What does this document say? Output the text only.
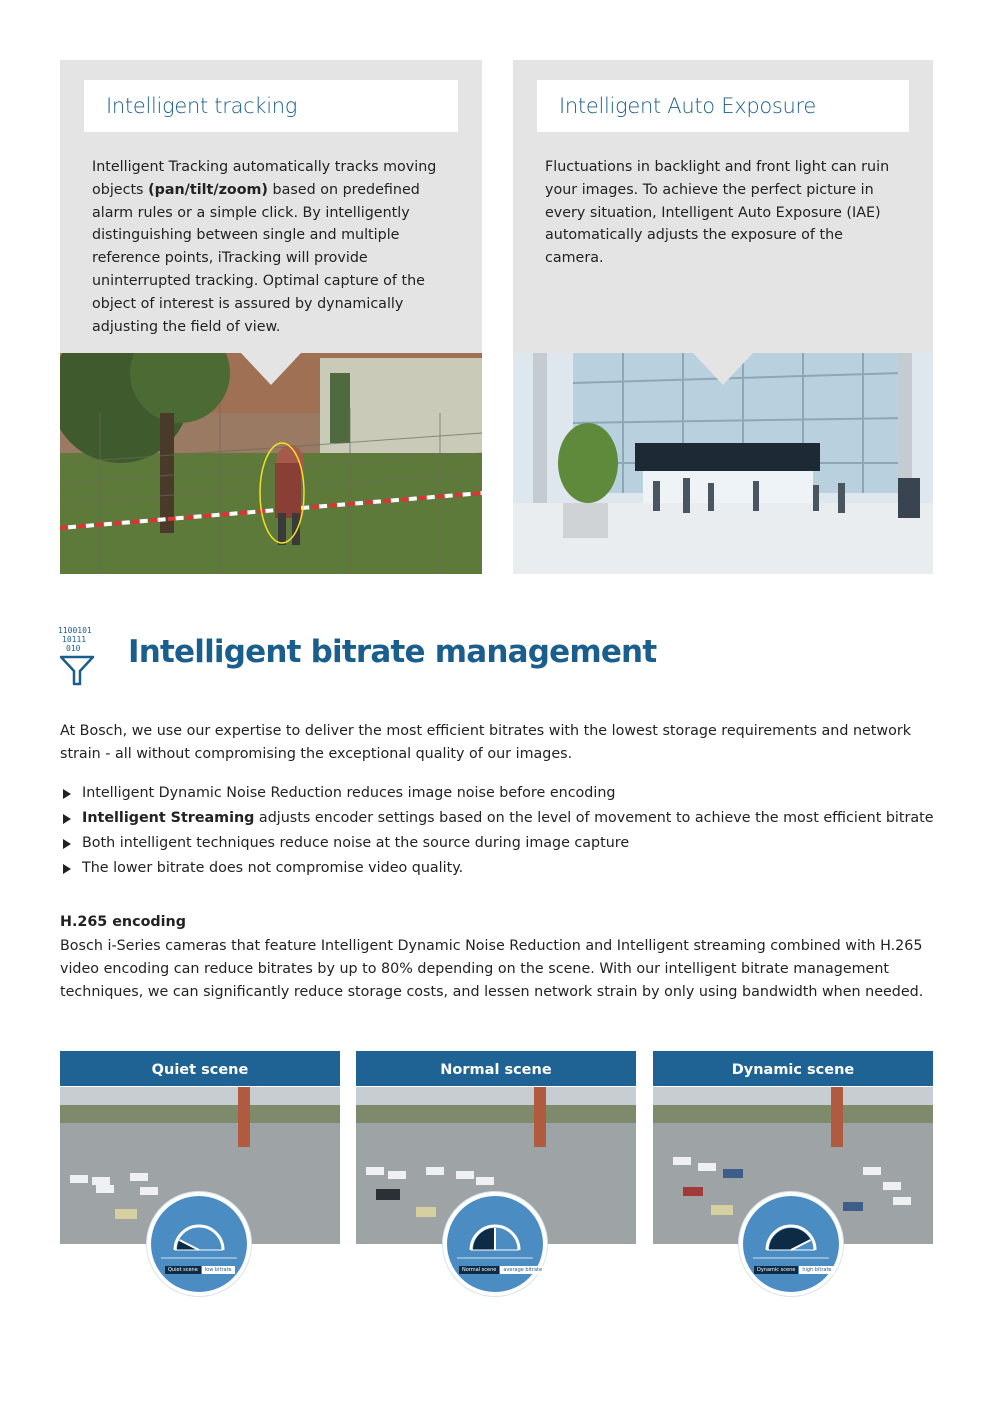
Intelligent tracking
Intelligent Tracking automatically tracks moving objects (pan/tilt/zoom) based on predefined alarm rules or a simple click. By intelligently distinguishing between single and multiple reference points, iTracking will provide uninterrupted tracking. Optimal capture of the object of interest is assured by dynamically adjusting the field of view.
Intelligent Auto Exposure
Fluctuations in backlight and front light can ruin your images. To achieve the perfect picture in every situation, Intelligent Auto Exposure (IAE) automatically adjusts the exposure of the camera.
1100101
10111
010 Intelligent bitrate management
At Bosch, we use our expertise to deliver the most efficient bitrates with the lowest storage requirements and network strain - all without compromising the exceptional quality of our images.
Intelligent Dynamic Noise Reduction reduces image noise before encoding
Intelligent Streaming adjusts encoder settings based on the level of movement to achieve the most efficient bitrate
Both intelligent techniques reduce noise at the source during image capture
The lower bitrate does not compromise video quality.
H.265 encoding
Bosch i-Series cameras that feature Intelligent Dynamic Noise Reduction and Intelligent streaming combined with H.265 video encoding can reduce bitrates by up to 80% depending on the scene. With our intelligent bitrate management techniques, we can significantly reduce storage costs, and lessen network strain by only using bandwidth when needed.
Quiet scene	Normal scene	Dynamic scene
Quiet scene	low bitrate	Normal scene	average bitrate	Dynamic scene	high bitrate
